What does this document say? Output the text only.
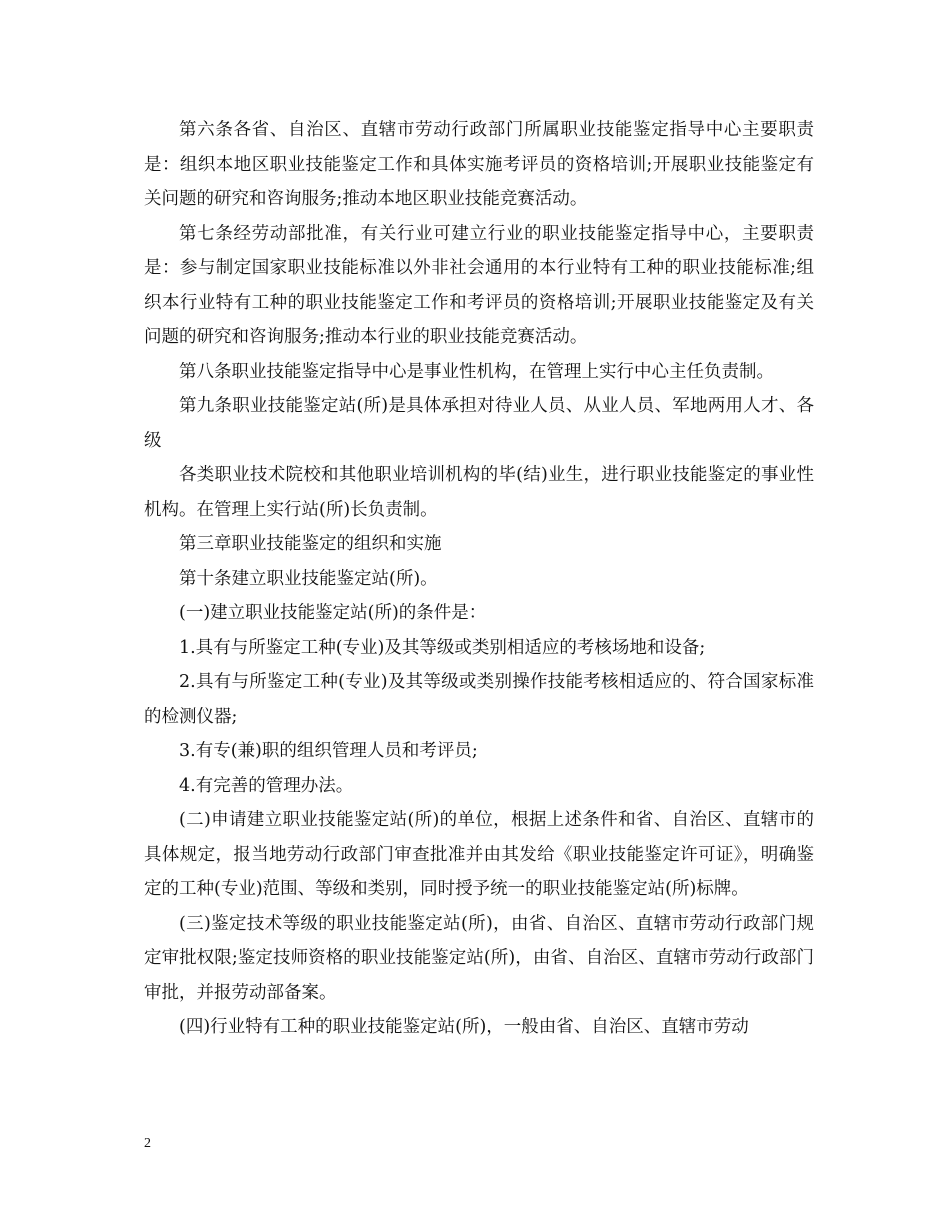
第六条各省、自治区、直辖市劳动行政部门所属职业技能鉴定指导中心主要职责是：组织本地区职业技能鉴定工作和具体实施考评员的资格培训;开展职业技能鉴定有关问题的研究和咨询服务;推动本地区职业技能竞赛活动。

第七条经劳动部批准，有关行业可建立行业的职业技能鉴定指导中心，主要职责是：参与制定国家职业技能标准以外非社会通用的本行业特有工种的职业技能标准;组织本行业特有工种的职业技能鉴定工作和考评员的资格培训;开展职业技能鉴定及有关问题的研究和咨询服务;推动本行业的职业技能竞赛活动。

第八条职业技能鉴定指导中心是事业性机构，在管理上实行中心主任负责制。

第九条职业技能鉴定站(所)是具体承担对待业人员、从业人员、军地两用人才、各级

各类职业技术院校和其他职业培训机构的毕(结)业生，进行职业技能鉴定的事业性机构。在管理上实行站(所)长负责制。

第三章职业技能鉴定的组织和实施

第十条建立职业技能鉴定站(所)。

(一)建立职业技能鉴定站(所)的条件是：

1.具有与所鉴定工种(专业)及其等级或类别相适应的考核场地和设备;

2.具有与所鉴定工种(专业)及其等级或类别操作技能考核相适应的、符合国家标准的检测仪器;

3.有专(兼)职的组织管理人员和考评员;

4.有完善的管理办法。

(二)申请建立职业技能鉴定站(所)的单位，根据上述条件和省、自治区、直辖市的具体规定，报当地劳动行政部门审查批准并由其发给《职业技能鉴定许可证》，明确鉴定的工种(专业)范围、等级和类别，同时授予统一的职业技能鉴定站(所)标牌。

(三)鉴定技术等级的职业技能鉴定站(所)，由省、自治区、直辖市劳动行政部门规定审批权限;鉴定技师资格的职业技能鉴定站(所)，由省、自治区、直辖市劳动行政部门审批，并报劳动部备案。

(四)行业特有工种的职业技能鉴定站(所)，一般由省、自治区、直辖市劳动

2
